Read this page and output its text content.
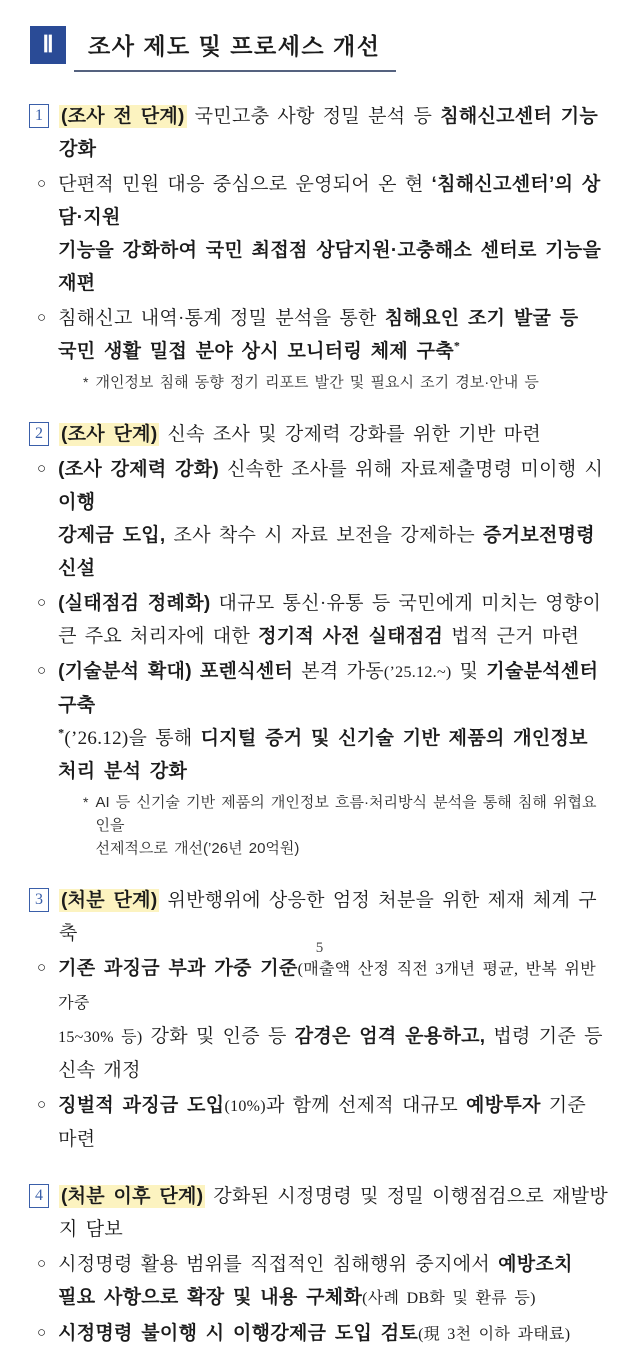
Ⅱ	조사 제도 및 프로세스 개선
1 (조사 전 단계) 국민고충 사항 정밀 분석 등 침해신고센터 기능 강화
○ 단편적 민원 대응 중심으로 운영되어 온 현 ‘침해신고센터’의 상담·지원
기능을 강화하여 국민 최접점 상담지원·고충해소 센터로 기능을 재편
○ 침해신고 내역·통계 정밀 분석을 통한 침해요인 조기 발굴 등
국민 생활 밀접 분야 상시 모니터링 체제 구축*
* 개인정보 침해 동향 정기 리포트 발간 및 필요시 조기 경보·안내 등
2 (조사 단계) 신속 조사 및 강제력 강화를 위한 기반 마련
○ (조사 강제력 강화) 신속한 조사를 위해 자료제출명령 미이행 시 이행
강제금 도입, 조사 착수 시 자료 보전을 강제하는 증거보전명령 신설
○ (실태점검 정례화) 대규모 통신·유통 등 국민에게 미치는 영향이
큰 주요 처리자에 대한 정기적 사전 실태점검 법적 근거 마련
○ (기술분석 확대) 포렌식센터 본격 가동(’25.12.~) 및 기술분석센터 구축
*(’26.12)을 통해 디지털 증거 및 신기술 기반 제품의 개인정보 처리 분석 강화
* AI 등 신기술 기반 제품의 개인정보 흐름·처리방식 분석을 통해 침해 위협요인을
선제적으로 개선(’26년 20억원)
3 (처분 단계) 위반행위에 상응한 엄정 처분을 위한 제재 체계 구축
○ 기존 과징금 부과 가중 기준(매출액 산정 직전 3개년 평균, 반복 위반 가중
15~30% 등) 강화 및 인증 등 감경은 엄격 운용하고, 법령 기준 등 신속 개정
○ 징벌적 과징금 도입(10%)과 함께 선제적 대규모 예방투자 기준 마련
4 (처분 이후 단계) 강화된 시정명령 및 정밀 이행점검으로 재발방지 담보
○ 시정명령 활용 범위를 직접적인 침해행위 중지에서 예방조치
필요 사항으로 확장 및 내용 구체화(사례 DB화 및 환류 등)
○ 시정명령 불이행 시 이행강제금 도입 검토(現 3천 이하 과태료)
5
